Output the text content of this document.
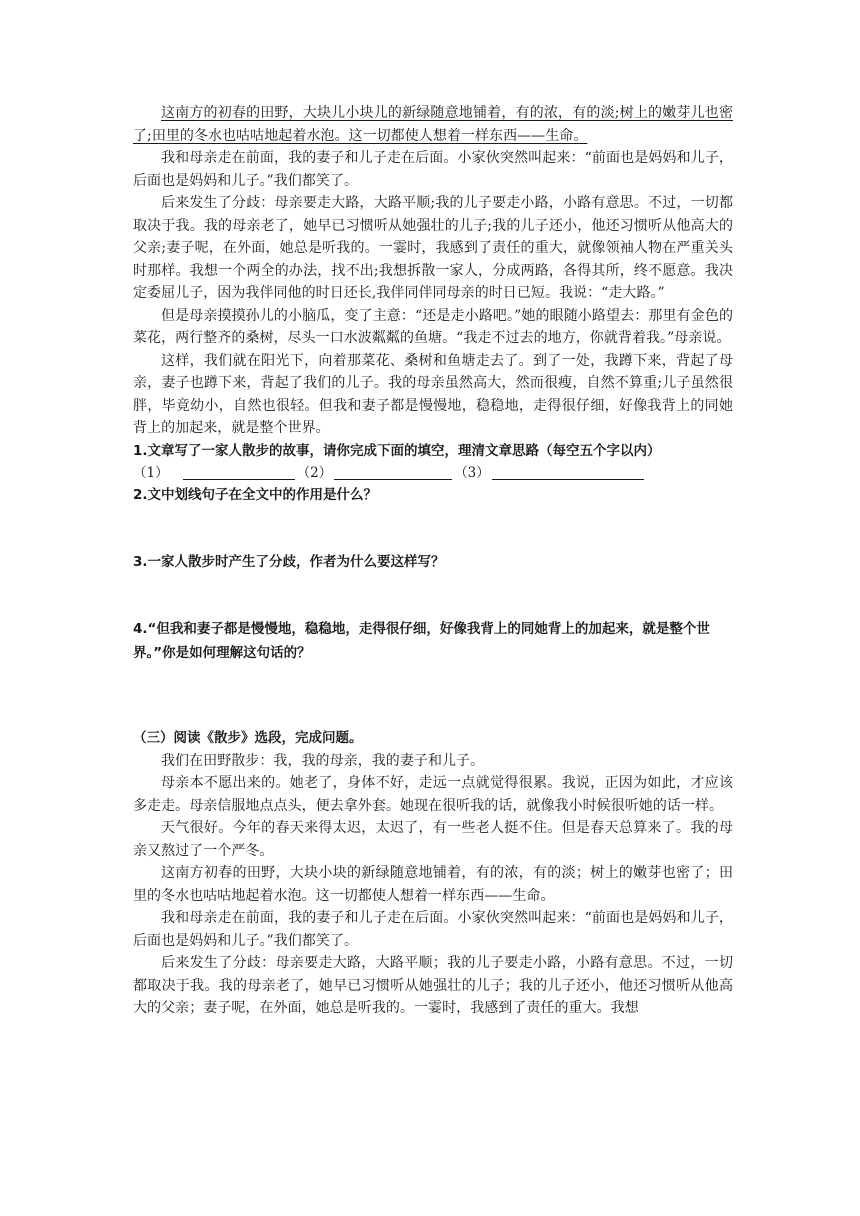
这南方的初春的田野，大块儿小块儿的新绿随意地铺着，有的浓，有的淡;树上的嫩芽儿也密了;田里的冬水也咕咕地起着水泡。这一切都使人想着一样东西——生命。

我和母亲走在前面，我的妻子和儿子走在后面。小家伙突然叫起来：“前面也是妈妈和儿子，后面也是妈妈和儿子。”我们都笑了。

后来发生了分歧：母亲要走大路，大路平顺;我的儿子要走小路，小路有意思。不过，一切都取决于我。我的母亲老了，她早已习惯听从她强壮的儿子;我的儿子还小，他还习惯听从他高大的父亲;妻子呢，在外面，她总是听我的。一霎时，我感到了责任的重大，就像领袖人物在严重关头时那样。我想一个两全的办法，找不出;我想拆散一家人，分成两路，各得其所，终不愿意。我决定委屈儿子，因为我伴同他的时日还长,我伴同伴同母亲的时日已短。我说：“走大路。”

但是母亲摸摸孙儿的小脑瓜，变了主意：“还是走小路吧。”她的眼随小路望去：那里有金色的菜花，两行整齐的桑树，尽头一口水波粼粼的鱼塘。“我走不过去的地方，你就背着我。”母亲说。

这样，我们就在阳光下，向着那菜花、桑树和鱼塘走去了。到了一处，我蹲下来，背起了母亲，妻子也蹲下来，背起了我们的儿子。我的母亲虽然高大，然而很瘦，自然不算重;儿子虽然很胖，毕竟幼小，自然也很轻。但我和妻子都是慢慢地，稳稳地，走得很仔细，好像我背上的同她背上的加起来，就是整个世界。

1.文章写了一家人散步的故事，请你完成下面的填空，理清文章思路（每空五个字以内）

（1）	（2）	（3）

2.文中划线句子在全文中的作用是什么？

3.一家人散步时产生了分歧，作者为什么要这样写？

4.“但我和妻子都是慢慢地，稳稳地，走得很仔细，好像我背上的同她背上的加起来，就是整个世界。”你是如何理解这句话的？

（三）阅读《散步》选段，完成问题。

我们在田野散步：我，我的母亲，我的妻子和儿子。

母亲本不愿出来的。她老了，身体不好，走远一点就觉得很累。我说，正因为如此，才应该多走走。母亲信服地点点头，便去拿外套。她现在很听我的话，就像我小时候很听她的话一样。

天气很好。今年的春天来得太迟，太迟了，有一些老人挺不住。但是春天总算来了。我的母亲又熬过了一个严冬。

这南方初春的田野，大块小块的新绿随意地铺着，有的浓，有的淡；树上的嫩芽也密了；田里的冬水也咕咕地起着水泡。这一切都使人想着一样东西——生命。

我和母亲走在前面，我的妻子和儿子走在后面。小家伙突然叫起来：“前面也是妈妈和儿子，后面也是妈妈和儿子。”我们都笑了。

后来发生了分歧：母亲要走大路，大路平顺；我的儿子要走小路，小路有意思。不过，一切都取决于我。我的母亲老了，她早已习惯听从她强壮的儿子；我的儿子还小，他还习惯听从他高大的父亲；妻子呢，在外面，她总是听我的。一霎时，我感到了责任的重大。我想
